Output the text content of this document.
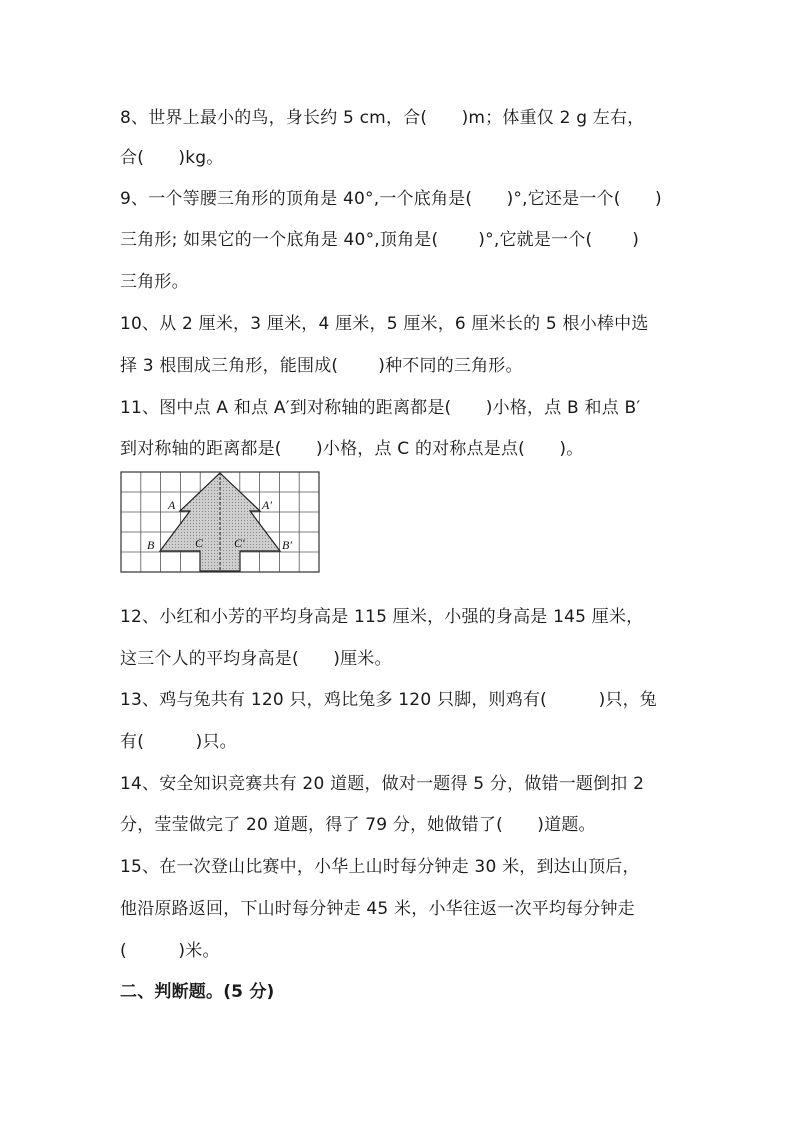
8、世界上最小的鸟，身长约 5 cm，合(　　)m；体重仅 2 g 左右，
合(　　)kg。
9、一个等腰三角形的顶角是 40°,一个底角是(　　)°,它还是一个(　　)
三角形; 如果它的一个底角是 40°,顶角是(　　 )°,它就是一个(　　 )
三角形。
10、从 2 厘米，3 厘米，4 厘米，5 厘米，6 厘米长的 5 根小棒中选
择 3 根围成三角形，能围成(　　 )种不同的三角形。
11、图中点 A 和点 A′到对称轴的距离都是(　　)小格，点 B 和点 B′
到对称轴的距离都是(　　)小格，点 C 的对称点是点(　　)。
A	A′
B	B′
C	C′
12、小红和小芳的平均身高是 115 厘米，小强的身高是 145 厘米，
这三个人的平均身高是(　　)厘米。
13、鸡与兔共有 120 只，鸡比兔多 120 只脚，则鸡有(　　　)只，兔
有(　　　)只。
14、安全知识竞赛共有 20 道题，做对一题得 5 分，做错一题倒扣 2
分，莹莹做完了 20 道题，得了 79 分，她做错了(　　)道题。
15、在一次登山比赛中，小华上山时每分钟走 30 米，到达山顶后，
他沿原路返回，下山时每分钟走 45 米，小华往返一次平均每分钟走
(　　　)米。
二、判断题。(5 分)
